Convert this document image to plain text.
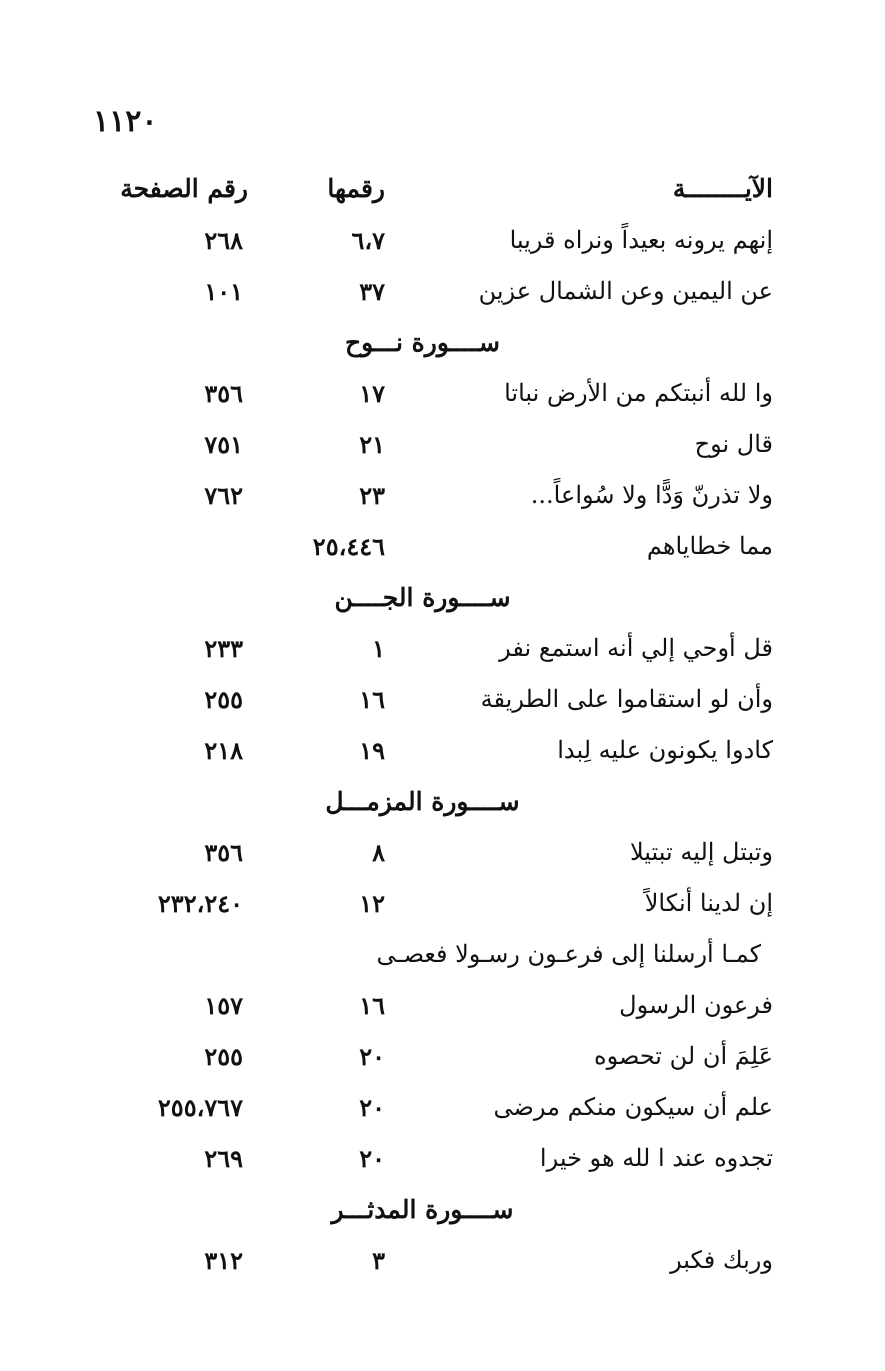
١١٢٠
الآيــــــــة
رقمها
رقم الصفحة
إنهم يرونه بعيداً ونراه قريبا
٦،٧
٢٦٨
عن اليمين وعن الشمال عزين
٣٧
١٠١
ســــورة نـــوح
وا لله أنبتكم من الأرض نباتا
١٧
٣٥٦
قال نوح
٢١
٧٥١
ولا تذرنّ وَدًّا ولا سُواعاً...
٢٣
٧٦٢
مما خطاياهم
٢٥،٤٤٦
ســــورة الجــــن
قل أوحي إلي أنه استمع نفر
١
٢٣٣
وأن لو استقاموا على الطريقة
١٦
٢٥٥
كادوا يكونون عليه لِبدا
١٩
٢١٨
ســــورة المزمـــل
وتبتل إليه تبتيلا
٨
٣٥٦
إن لدينا أنكالاً
١٢
٢٣٢،٢٤٠
كمـا أرسلنا إلى فرعـون رسـولا فعصـى
فرعون الرسول
١٦
١٥٧
عَلِمَ أن لن تحصوه
٢٠
٢٥٥
علم أن سيكون منكم مرضى
٢٠
٢٥٥،٧٦٧
تجدوه عند ا لله هو خيرا
٢٠
٢٦٩
ســــورة المدثـــر
وربك فكبر
٣
٣١٢
